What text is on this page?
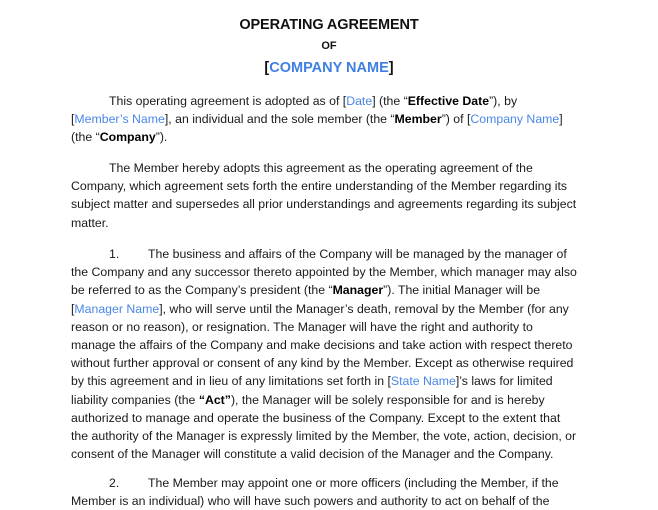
OPERATING AGREEMENT
OF
[COMPANY NAME]

This operating agreement is adopted as of [Date] (the “Effective Date”), by [Member’s Name], an individual and the sole member (the “Member”) of [Company Name] (the “Company”).

The Member hereby adopts this agreement as the operating agreement of the Company, which agreement sets forth the entire understanding of the Member regarding its subject matter and supersedes all prior understandings and agreements regarding its subject matter.

1. The business and affairs of the Company will be managed by the manager of the Company and any successor thereto appointed by the Member, which manager may also be referred to as the Company’s president (the “Manager”). The initial Manager will be [Manager Name], who will serve until the Manager’s death, removal by the Member (for any reason or no reason), or resignation. The Manager will have the right and authority to manage the affairs of the Company and make decisions and take action with respect thereto without further approval or consent of any kind by the Member. Except as otherwise required by this agreement and in lieu of any limitations set forth in [State Name]’s laws for limited liability companies (the “Act”), the Manager will be solely responsible for and is hereby authorized to manage and operate the business of the Company. Except to the extent that the authority of the Manager is expressly limited by the Member, the vote, action, decision, or consent of the Manager will constitute a valid decision of the Manager and the Company.

2. The Member may appoint one or more officers (including the Member, if the Member is an individual) who will have such powers and authority to act on behalf of the
